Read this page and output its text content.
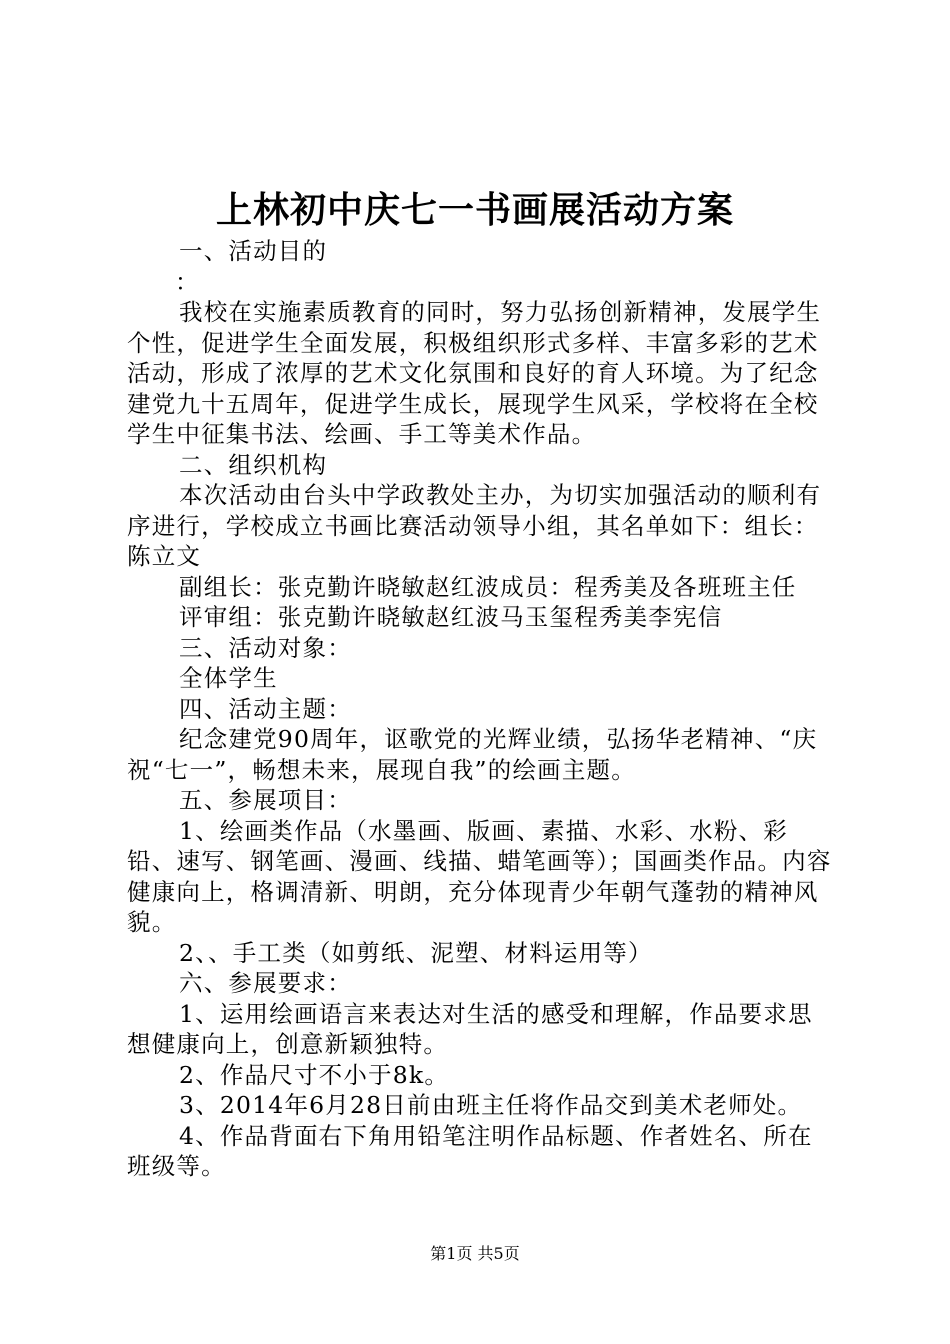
上林初中庆七一书画展活动方案

一、活动目的

：

我校在实施素质教育的同时，努力弘扬创新精神，发展学生个性，促进学生全面发展，积极组织形式多样、丰富多彩的艺术活动，形成了浓厚的艺术文化氛围和良好的育人环境。为了纪念建党九十五周年，促进学生成长，展现学生风采，学校将在全校学生中征集书法、绘画、手工等美术作品。

二、组织机构

本次活动由台头中学政教处主办，为切实加强活动的顺利有序进行，学校成立书画比赛活动领导小组，其名单如下：组长：陈立文

副组长：张克勤许晓敏赵红波成员：程秀美及各班班主任

评审组：张克勤许晓敏赵红波马玉玺程秀美李宪信

三、活动对象：

全体学生

四、活动主题：

纪念建党90周年，讴歌党的光辉业绩，弘扬华老精神、“庆祝“七一”，畅想未来，展现自我”的绘画主题。

五、参展项目：

1、绘画类作品（水墨画、版画、素描、水彩、水粉、彩铅、速写、钢笔画、漫画、线描、蜡笔画等）；国画类作品。内容健康向上，格调清新、明朗，充分体现青少年朝气蓬勃的精神风貌。

2、、手工类（如剪纸、泥塑、材料运用等）

六、参展要求：

1、运用绘画语言来表达对生活的感受和理解，作品要求思想健康向上，创意新颖独特。

2、作品尺寸不小于8k。

3、2014年6月28日前由班主任将作品交到美术老师处。

4、作品背面右下角用铅笔注明作品标题、作者姓名、所在班级等。

第1页 共5页
